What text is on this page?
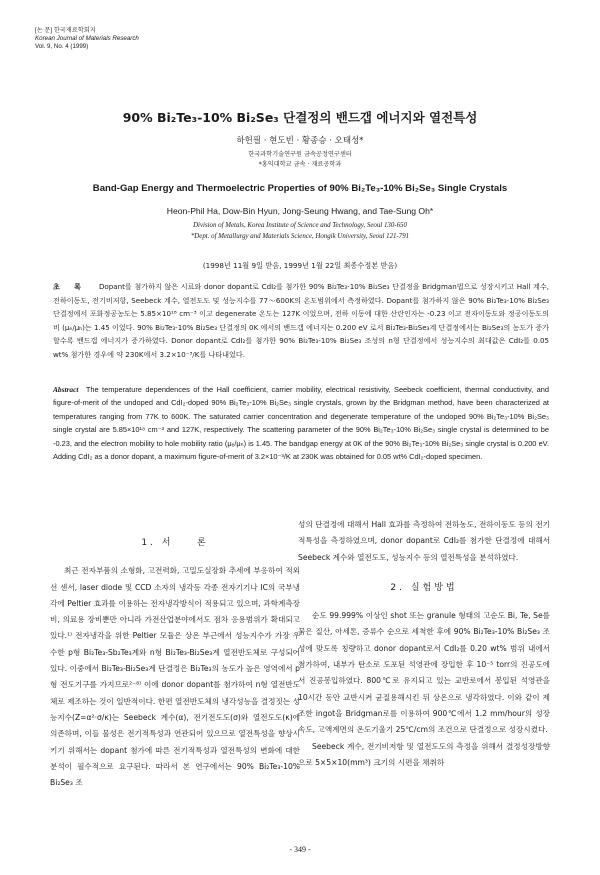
[논 문] 한국재료학회지
Korean Journal of Materials Research
Vol. 9, No. 4 (1999)
90% Bi₂Te₃-10% Bi₂Se₃ 단결정의 밴드갭 에너지와 열전특성
하헌필 · 현도빈 · 황종승 · 오태성*
한국과학기술연구원 금속공정연구센터
*홍익대학교 금속 · 재료공학과
Band-Gap Energy and Thermoelectric Properties of 90% Bi₂Te₃-10% Bi₂Se₃ Single Crystals
Heon-Phil Ha, Dow-Bin Hyun, Jong-Seung Hwang, and Tae-Sung Oh*
Division of Metals, Korea Institute of Science and Technology, Seoul 130-650
*Dept. of Metallurgy and Materials Science, Hongik University, Seoul 121-791
(1998년 11월 9일 받음, 1999년 1월 22일 최종수정본 받음)
초     록	Dopant를 첨가하지 않은 시료와 donor dopant로 CdI₂를 첨가한 90% Bi₂Te₃-10% Bi₂Se₃ 단결정을 Bridgman법으로 성장시키고 Hall 계수, 전하이동도, 전기비저항, Seebeck 계수, 열전도도 및 성능지수를 77～600K의 온도범위에서 측정하였다. Dopant를 첨가하지 않은 90% Bi₂Te₃-10% Bi₂Se₃ 단결정에서 포화정공농도는 5.85×10¹⁸ cm⁻³ 이고 degenerate 온도는 127K 이었으며, 전하 이동에 대한 산란인자는 -0.23 이고 전자이동도와 정공이동도의 비 (μₑ/μₕ)는 1.45 이었다. 90% Bi₂Te₃-10% Bi₂Se₃ 단결정의 0K 에서의 밴드갭 에너지는 0.200 eV 로서 Bi₂Te₃-Bi₂Se₃계 단결정에서는 Bi₂Se₃의 농도가 증가할수록 밴드갭 에너지가 증가하였다. Donor dopant로 CdI₂를 첨가한 90% Bi₂Te₃-10% Bi₂Se₃ 조성의 n형 단결정에서 성능지수의 최대값은 CdI₂를 0.05 wt% 첨가한 경우에 약 230K에서 3.2×10⁻³/K를 나타내었다.
Abstract The temperature dependences of the Hall coefficient, carrier mobility, electrical resistivity, Seebeck coefficient, thermal conductivity, and figure-of-merit of the undoped and CdI₂-doped 90% Bi₂Te₃-10% Bi₂Se₃ single crystals, grown by the Bridgman method, have been characterized at temperatures ranging from 77K to 600K. The saturated carrier concentration and degenerate temperature of the undoped 90% Bi₂Te₃-10% Bi₂Se₃ single crystal are 5.85×10¹⁸ cm⁻³ and 127K, respectively. The scattering parameter of the 90% Bi₂Te₃-10% Bi₂Se₃ single crystal is determined to be -0.23, and the electron mobility to hole mobility ratio (μₑ/μₕ) is 1.45. The bandgap energy at 0K of the 90% Bi₂Te₃-10% Bi₂Se₃ single crystal is 0.200 eV. Adding CdI₂ as a donor dopant, a maximum figure-of-merit of 3.2×10⁻³/K at 230K was obtained for 0.05 wt% CdI₂-doped specimen.
1. 서    론

최근 전자부품의 소형화, 고전력화, 고밀도실장화 추세에 부응하여 적외선 센서, laser diode 및 CCD 소자의 냉각등 각종 전자기기나 IC의 국부냉각에 Peltier 효과를 이용하는 전자냉각방식이 적용되고 있으며, 과학계측장비, 의료용 장비뿐만 아니라 가전산업분야에서도 점차 응용범위가 확대되고 있다.¹⁾ 전자냉각을 위한 Peltier 모듈은 상온 부근에서 성능지수가 가장 우수한 p형 Bi₂Te₃-Sb₂Te₃계와 n형 Bi₂Te₃-Bi₂Se₃계 열전반도체로 구성되어 있다. 이중에서 Bi₂Te₃-Bi₂Se₃계 단결정은 Bi₂Te₃의 농도가 높은 영역에서 p형 전도기구를 가지므로²⁻⁸⁾ 이에 donor dopant를 첨가하여 n형 열전반도체로 제조하는 것이 일반적이다. 한편 열전반도체의 냉각성능을 결정짓는 성능지수(Z=α²·σ/κ)는 Seebeck 계수(α), 전기전도도(σ)와 열전도도(κ)에 의존하며, 이들 물성은 전기적특성과 연관되어 있으므로 열전특성을 향상시키기 위해서는 dopant 첨가에 따른 전기적특성과 열전특성의 변화에 대한 분석이 필수적으로 요구된다. 따라서 본 연구에서는 90% Bi₂Te₃-10% Bi₂Se₃ 조

성의 단결정에 대해서 Hall 효과를 측정하여 전하농도, 전하이동도 등의 전기적특성을 측정하였으며, donor dopant로 CdI₂를 첨가한 단결정에 대해서 Seebeck 계수와 열전도도, 성능지수 등의 열전특성을 분석하였다.

2. 실험방법

순도 99.999% 이상인 shot 또는 granule 형태의 고순도 Bi, Te, Se를 묽은 질산, 아세톤, 증류수 순으로 세척한 후에 90% Bi₂Te₃-10% Bi₂Se₃ 조성에 맞도록 칭량하고 donor dopant로서 CdI₂를 0.20 wt% 범위 내에서 첨가하여, 내부가 탄소로 도포된 석영관에 장입한 후 10⁻⁵ torr의 진공도에서 진공봉입하였다. 800℃로 유지되고 있는 교반로에서 봉입된 석영관을 10시간 동안 교반시켜 균질용해시킨 뒤 상온으로 냉각하였다. 이와 같이 제조한 ingot을 Bridgman로를 이용하여 900℃에서 1.2 mm/hour의 성장속도, 고액계면의 온도기울기 25℃/cm의 조건으로 단결정으로 성장시켰다.

Seebeck 계수, 전기비저항 및 열전도도의 측정을 위해서 결정성장방향으로 5×5×10(mm³) 크기의 시편을 채취하

- 349 -
